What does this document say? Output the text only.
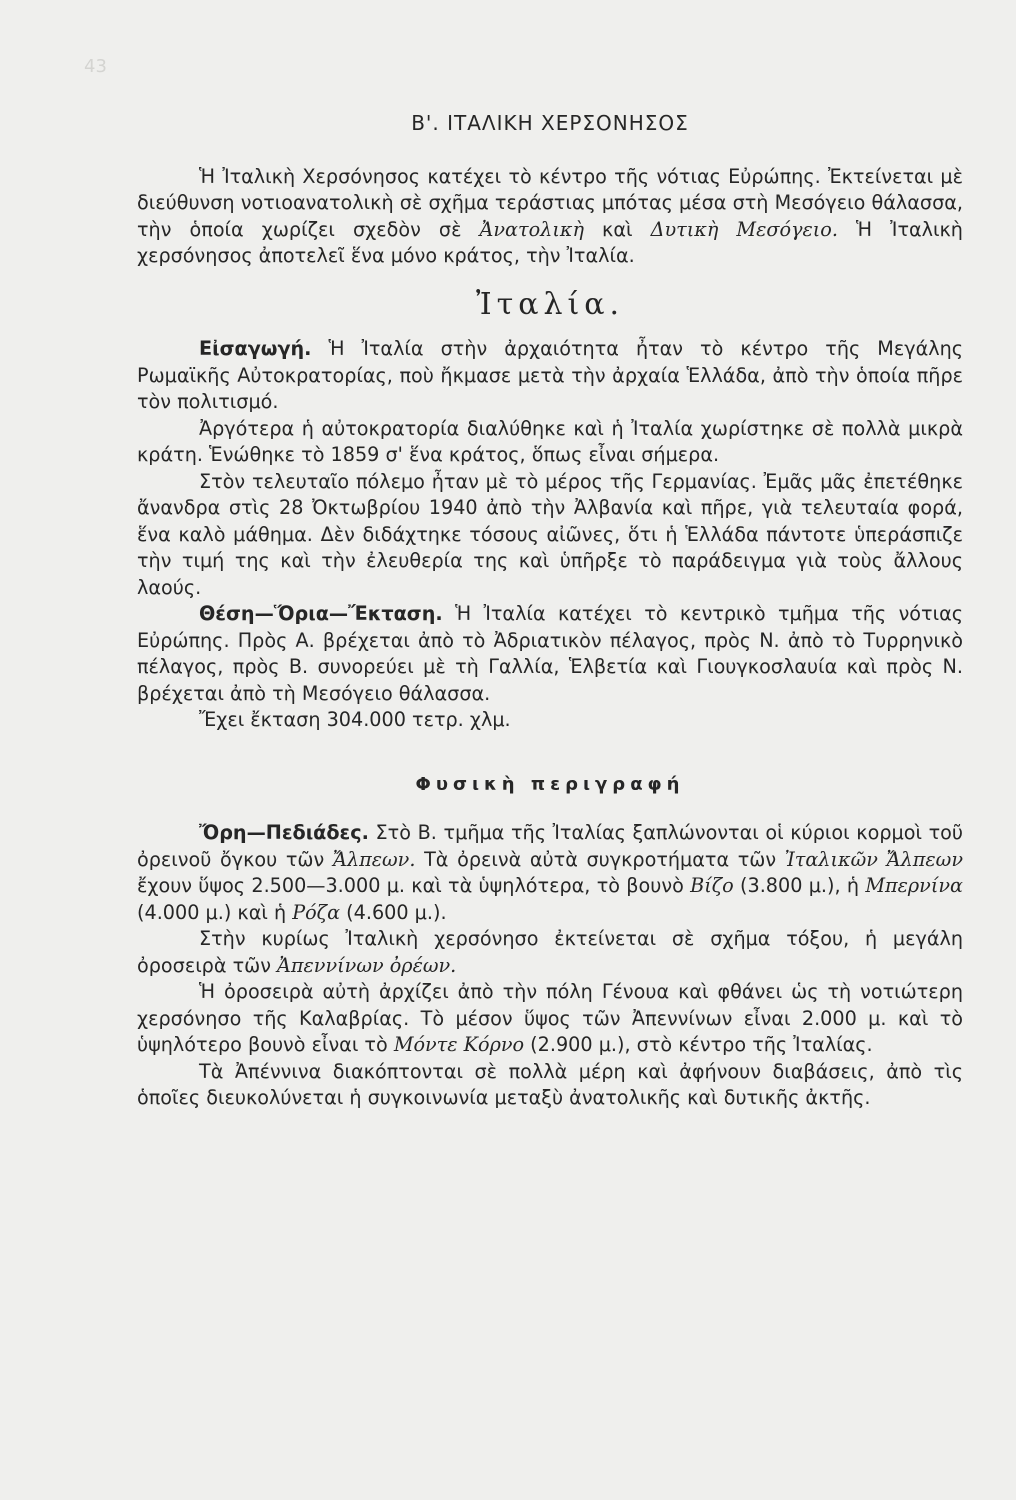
43
Β'. ΙΤΑΛΙΚΗ ΧΕΡΣΟΝΗΣΟΣ

Ἡ Ἰταλικὴ Χερσόνησος κατέχει τὸ κέντρο τῆς νότιας Εὐρώπης. Ἐκτείνεται μὲ διεύθυνση νοτιοανατολικὴ σὲ σχῆμα τεράστιας μπότας μέσα στὴ Μεσόγειο θάλασσα, τὴν ὁποία χωρίζει σχεδὸν σὲ Ἀνατολικὴ καὶ Δυτικὴ Μεσόγειο. Ἡ Ἰταλικὴ χερσόνησος ἀποτελεῖ ἕνα μόνο κράτος, τὴν Ἰταλία.

Ἰταλία.

Εἰσαγωγή. Ἡ Ἰταλία στὴν ἀρχαιότητα ἦταν τὸ κέντρο τῆς Μεγάλης Ρωμαϊκῆς Αὐτοκρατορίας, ποὺ ἤκμασε μετὰ τὴν ἀρχαία Ἑλλάδα, ἀπὸ τὴν ὁποία πῆρε τὸν πολιτισμό.

Ἀργότερα ἡ αὐτοκρατορία διαλύθηκε καὶ ἡ Ἰταλία χωρίστηκε σὲ πολλὰ μικρὰ κράτη. Ἑνώθηκε τὸ 1859 σ' ἕνα κράτος, ὅπως εἶναι σήμερα.

Στὸν τελευταῖο πόλεμο ἦταν μὲ τὸ μέρος τῆς Γερμανίας. Ἐμᾶς μᾶς ἐπετέθηκε ἄνανδρα στὶς 28 Ὀκτωβρίου 1940 ἀπὸ τὴν Ἀλβανία καὶ πῆρε, γιὰ τελευταία φορά, ἕνα καλὸ μάθημα. Δὲν διδάχτηκε τόσους αἰῶνες, ὅτι ἡ Ἑλλάδα πάντοτε ὑπεράσπιζε τὴν τιμή της καὶ τὴν ἐλευθερία της καὶ ὑπῆρξε τὸ παράδειγμα γιὰ τοὺς ἄλλους λαούς.

Θέση—Ὅρια—Ἔκταση. Ἡ Ἰταλία κατέχει τὸ κεντρικὸ τμῆμα τῆς νότιας Εὐρώπης. Πρὸς Α. βρέχεται ἀπὸ τὸ Ἀδριατικὸν πέλαγος, πρὸς Ν. ἀπὸ τὸ Τυρρηνικὸ πέλαγος, πρὸς Β. συνορεύει μὲ τὴ Γαλλία, Ἑλβετία καὶ Γιουγκοσλαυία καὶ πρὸς Ν. βρέχεται ἀπὸ τὴ Μεσόγειο θάλασσα.

Ἔχει ἔκταση 304.000 τετρ. χλμ.

Φυσικὴ περιγραφή

Ὄρη—Πεδιάδες. Στὸ Β. τμῆμα τῆς Ἰταλίας ξαπλώνονται οἱ κύριοι κορμοὶ τοῦ ὀρεινοῦ ὄγκου τῶν Ἄλπεων. Τὰ ὀρεινὰ αὐτὰ συγκροτήματα τῶν Ἰταλικῶν Ἄλπεων ἔχουν ὕψος 2.500—3.000 μ. καὶ τὰ ὑψηλότερα, τὸ βουνὸ Βίζο (3.800 μ.), ἡ Μπερνίνα (4.000 μ.) καὶ ἡ Ρόζα (4.600 μ.).

Στὴν κυρίως Ἰταλικὴ χερσόνησο ἐκτείνεται σὲ σχῆμα τόξου, ἡ μεγάλη ὀροσειρὰ τῶν Ἀπεννίνων ὀρέων.

Ἡ ὀροσειρὰ αὐτὴ ἀρχίζει ἀπὸ τὴν πόλη Γένουα καὶ φθάνει ὡς τὴ νοτιώτερη χερσόνησο τῆς Καλαβρίας. Τὸ μέσον ὕψος τῶν Ἀπεννίνων εἶναι 2.000 μ. καὶ τὸ ὑψηλότερο βουνὸ εἶναι τὸ Μόντε Κόρνο (2.900 μ.), στὸ κέντρο τῆς Ἰταλίας.

Τὰ Ἀπέννινα διακόπτονται σὲ πολλὰ μέρη καὶ ἀφήνουν διαβάσεις, ἀπὸ τὶς ὁποῖες διευκολύνεται ἡ συγκοινωνία μεταξὺ ἀνατολικῆς καὶ δυτικῆς ἀκτῆς.
